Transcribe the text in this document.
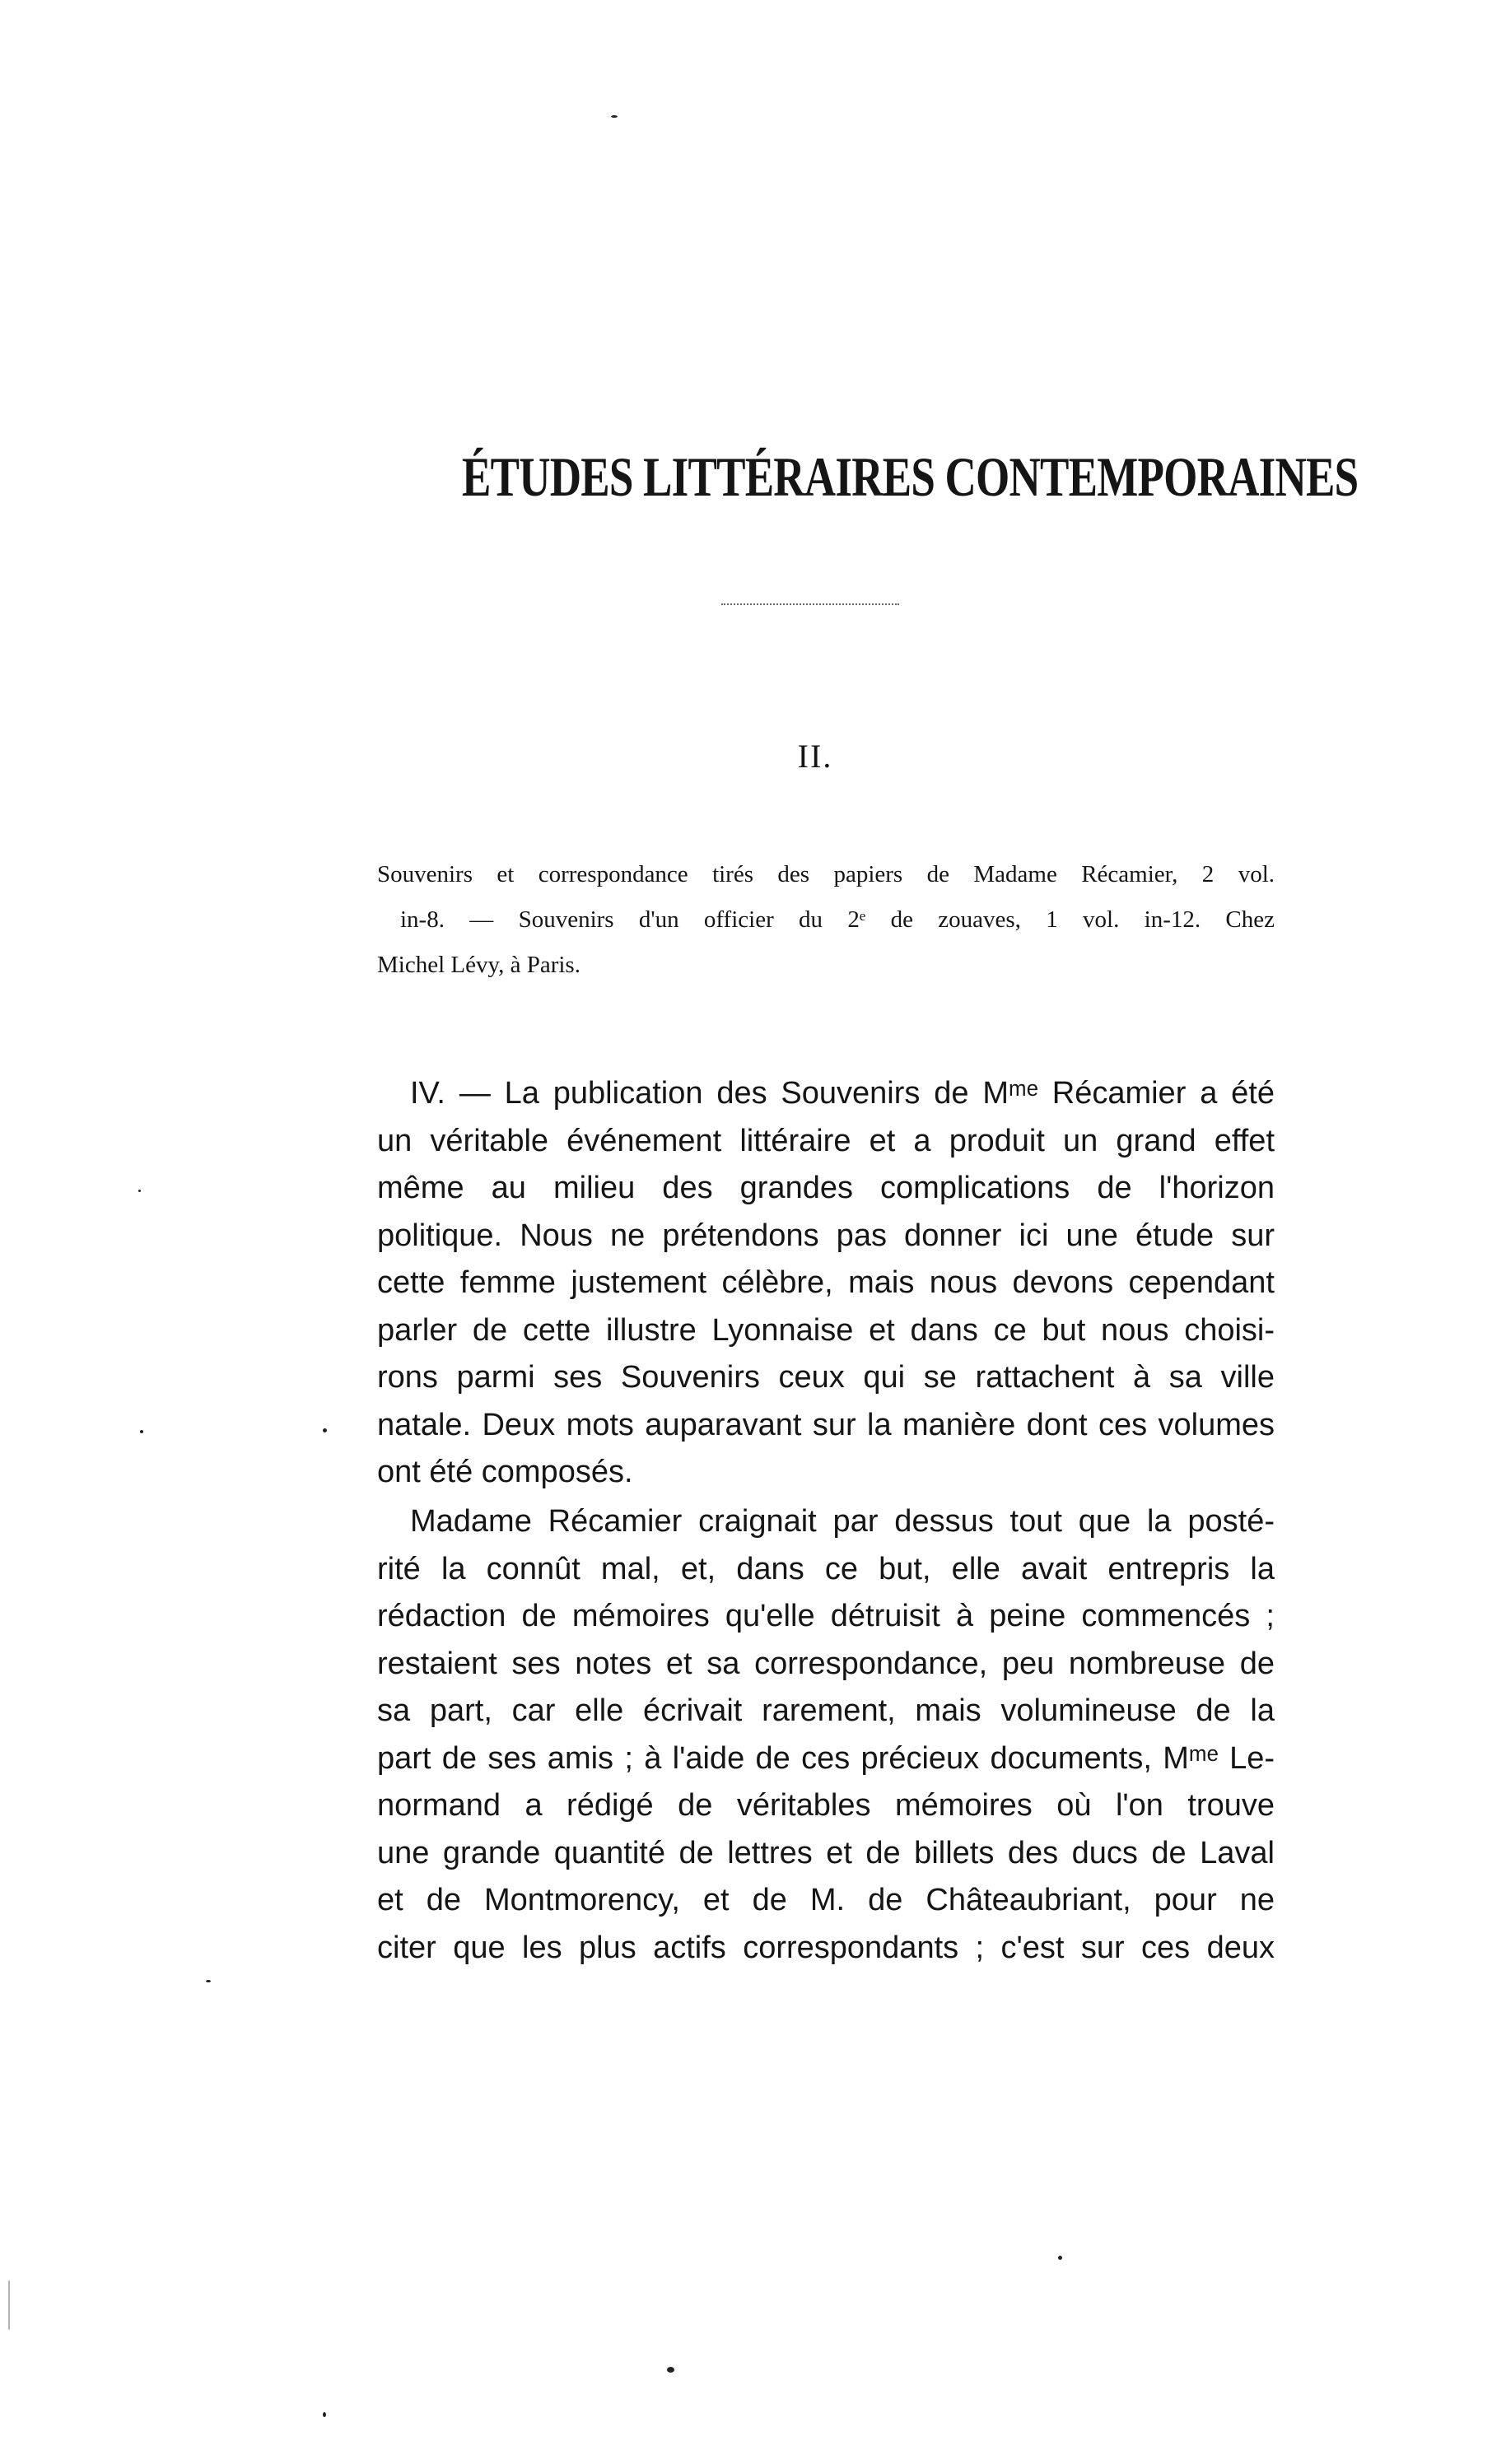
ÉTUDES LITTÉRAIRES CONTEMPORAINES
II.
Souvenirs et correspondance tirés des papiers de Madame Récamier, 2 vol.
in-8. — Souvenirs d'un officier du 2ᵉ de zouaves, 1 vol. in-12. Chez
Michel Lévy, à Paris.
IV. — La publication des Souvenirs de Mᵐᵉ Récamier a été
un véritable événement littéraire et a produit un grand effet
même au milieu des grandes complications de l'horizon
politique. Nous ne prétendons pas donner ici une étude sur
cette femme justement célèbre, mais nous devons cependant
parler de cette illustre Lyonnaise et dans ce but nous choisi-
rons parmi ses Souvenirs ceux qui se rattachent à sa ville
natale. Deux mots auparavant sur la manière dont ces volumes
ont été composés.
Madame Récamier craignait par dessus tout que la posté-
rité la connût mal, et, dans ce but, elle avait entrepris la
rédaction de mémoires qu'elle détruisit à peine commencés ;
restaient ses notes et sa correspondance, peu nombreuse de
sa part, car elle écrivait rarement, mais volumineuse de la
part de ses amis ; à l'aide de ces précieux documents, Mᵐᵉ Le-
normand a rédigé de véritables mémoires où l'on trouve
une grande quantité de lettres et de billets des ducs de Laval
et de Montmorency, et de M. de Châteaubriant, pour ne
citer que les plus actifs correspondants ; c'est sur ces deux
